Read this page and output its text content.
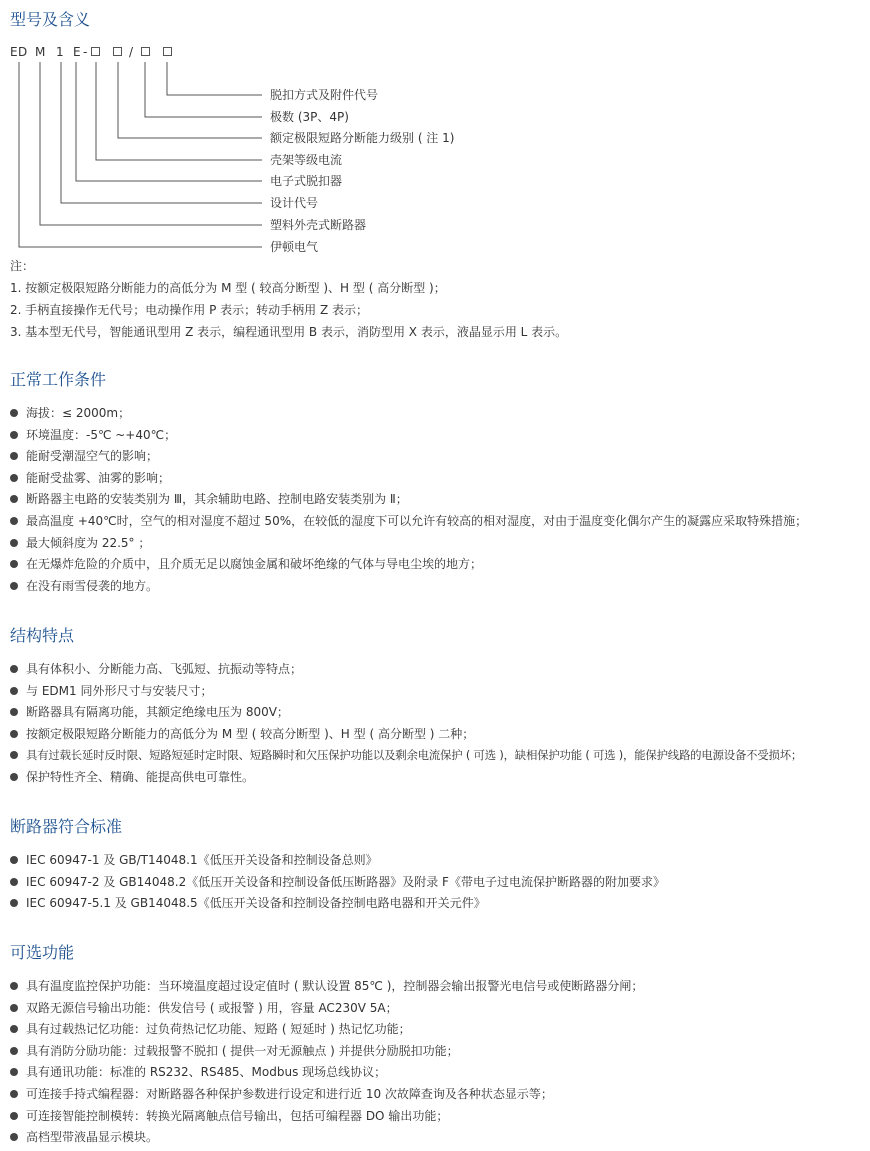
型号及含义
E D M 1 E -	/
脱扣方式及附件代号
极数 (3P、4P)
额定极限短路分断能力级别 ( 注 1)
壳架等级电流
电子式脱扣器
设计代号
塑料外壳式断路器
伊顿电气
注：
1. 按额定极限短路分断能力的高低分为 M 型 ( 较高分断型 )、H 型 ( 高分断型 )；
2. 手柄直接操作无代号；电动操作用 P 表示；转动手柄用 Z 表示；
3. 基本型无代号，智能通讯型用 Z 表示，编程通讯型用 B 表示，消防型用 X 表示，液晶显示用 L 表示。
正常工作条件
海拔：≤ 2000m；
环境温度：-5℃ ~+40℃；
能耐受潮湿空气的影响；
能耐受盐雾、油雾的影响；
断路器主电路的安装类别为 Ⅲ，其余辅助电路、控制电路安装类别为 Ⅱ；
最高温度 +40℃时，空气的相对湿度不超过 50%，在较低的湿度下可以允许有较高的相对湿度，对由于温度变化偶尔产生的凝露应采取特殊措施；
最大倾斜度为 22.5° ；
在无爆炸危险的介质中，且介质无足以腐蚀金属和破坏绝缘的气体与导电尘埃的地方；
在没有雨雪侵袭的地方。
结构特点
具有体积小、分断能力高、飞弧短、抗振动等特点；
与 EDM1 同外形尺寸与安装尺寸；
断路器具有隔离功能，其额定绝缘电压为 800V；
按额定极限短路分断能力的高低分为 M 型 ( 较高分断型 )、H 型 ( 高分断型 ) 二种；
具有过载长延时反时限、短路短延时定时限、短路瞬时和欠压保护功能以及剩余电流保护 ( 可选 )，缺相保护功能 ( 可选 )，能保护线路的电源设备不受损坏；
保护特性齐全、精确、能提高供电可靠性。
断路器符合标准
IEC 60947-1 及 GB/T14048.1《低压开关设备和控制设备总则》
IEC 60947-2 及 GB14048.2《低压开关设备和控制设备低压断路器》及附录 F《带电子过电流保护断路器的附加要求》
IEC 60947-5.1 及 GB14048.5《低压开关设备和控制设备控制电路电器和开关元件》
可选功能
具有温度监控保护功能：当环境温度超过设定值时 ( 默认设置 85℃ )，控制器会输出报警光电信号或使断路器分闸；
双路无源信号输出功能：供发信号 ( 或报警 ) 用，容量 AC230V 5A；
具有过载热记忆功能：过负荷热记忆功能、短路 ( 短延时 ) 热记忆功能；
具有消防分励功能：过载报警不脱扣 ( 提供一对无源触点 ) 并提供分励脱扣功能；
具有通讯功能：标准的 RS232、RS485、Modbus 现场总线协议；
可连接手持式编程器：对断路器各种保护参数进行设定和进行近 10 次故障查询及各种状态显示等；
可连接智能控制模转：转换光隔离触点信号输出，包括可编程器 DO 输出功能；
高档型带液晶显示模块。
